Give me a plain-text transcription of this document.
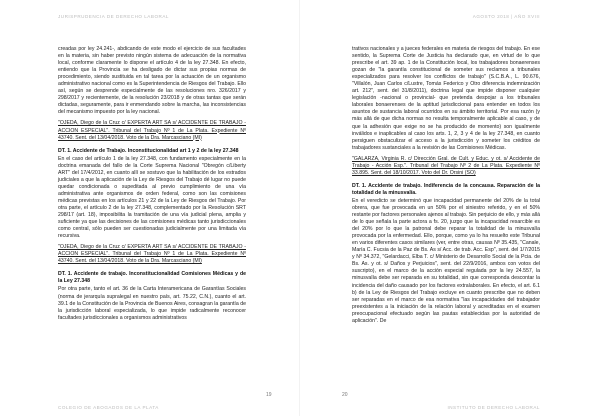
JURISPRUDENCIA DE DERECHO LABORAL

creadas por ley 24.241-, abdicando de este modo el ejercicio de sus facultades en la materia, sin haber previsto ningún sistema de adecuación de la normativa local, conforme claramente lo dispone el artículo 4 de la ley 27.348. En efecto, entiendo que la Provincia se ha desligado de dictar sus propias normas de procedimiento, siendo sustituida en tal tarea por la actuación de un organismo administrativo nacional como es la Superintendencia de Riesgos del Trabajo. Ello así, según se desprende especialmente de las resoluciones nro. 326/2017 y 298/2017 y recientemente, de la resolución 23/2018 y de otras tantas que serán dictadas, seguramente, para ir enmendando sobre la marcha, las inconsistencias del mecanismo impuesto por la ley nacional.

"OJEDA, Diego de la Cruz c/ EXPERTA ART SA s/ ACCIDENTE DE TRABAJO - ACCION ESPECIAL". Tribunal del Trabajo Nº 1 de La Plata. Expediente Nº 43740. Sent. del 13/04/2018. Voto de la Dra. Marcasciano (MI)

DT. 1. Accidente de Trabajo. Inconstitucionalidad art 1 y 2 de la ley 27.348

En el caso del artículo 1 de la ley 27.348, con fundamento especialmente en la doctrina emanada del fallo de la Corte Suprema Nacional "Obregón c/Liberty ART" del 17/4/2012, en cuanto allí se sostuvo que la habilitación de los estrados judiciales a que la aplicación de la Ley de Riesgos del Trabajo dé lugar no puede quedar condicionada o supeditada al previo cumplimiento de una vía administrativa ante organismos de orden federal, como son las comisiones médicas previstas en los artículos 21 y 22 de la Ley de Riesgos del Trabajo. Por otra parte, el artículo 2 de la ley 27.348, complementado por la Resolución SRT 298/17 (art. 18), imposibilita la tramitación de una vía judicial plena, amplia y suficiente ya que las decisiones de las comisiones médicas tanto jurisdiccionales como central, sólo pueden ser cuestionadas judicialmente por una limitada vía recursiva.

"OJEDA, Diego de la Cruz c/ EXPERTA ART SA s/ ACCIDENTE DE TRABAJO - ACCION ESPECIAL". Tribunal del Trabajo Nº 1 de La Plata. Expediente Nº 43740. Sent. del 13/04/2018. Voto de la Dra. Marcasciano (MI)

DT. 1. Accidente de trabajo. Inconstitucionalidad Comisiones Médicas y de la Ley 27.348

Por otra parte, tanto el art. 36 de la Carta Interamericana de Garantías Sociales (norma de jerarquía supralegal en nuestro país, art. 75.22, C.N.), cuanto el art. 39.1 de la Constitución de la Provincia de Buenos Aires, consagran la garantía de la jurisdicción laboral especializada, lo que impide radicalmente reconocer facultades jurisdiccionales a organismos administrativos

19
COLEGIO DE ABOGADOS DE LA PLATA
AGOSTO 2018 | AÑO XVIII

trativos nacionales y a jueces federales en materia de riesgos del trabajo. En ese sentido, la Suprema Corte de Justicia ha declarado que, en virtud de lo que prescribe el art. 39 ap. 1 de la Constitución local, los trabajadores bonaerenses gozan de "la garantía constitucional de someter sus reclamos a tribunales especializados para resolver los conflictos de trabajo" (S.C.B.A., L. 90.676, "Villalón, Juan Carlos c/Lustre, Tomás Federico y Otro diferencia indemnización art. 212", sent. del 31/8/2011), doctrina legal que impide disponer cualquier legislación -nacional o provincial- que pretenda despojar a los tribunales laborales bonaerenses de la aptitud jurisdiccional para entender en todos los asuntos de sustancia laboral ocurridos en su ámbito territorial. Por esa razón (y más allá de que dicha normas no resulta temporalmente aplicable al caso, y de que la adhesión que exige no se ha producido de momento) son igualmente inválidos e inaplicables al caso los arts. 1, 2, 3 y 4 de la ley 27.348, en cuanto persiguen obstaculizar el acceso a la jurisdicción y someter los créditos de trabajadores sustanciales a la revisión de las Comisiones Médicas.

"GALARZA, Virginia R. c/ Dirección Gral. de Cult. y Educ. y ot. s/ Accidente de Trabajo - Acción Esp.". Tribunal del Trabajo Nº 2 de La Plata. Expediente Nº 33.895. Sent. del 18/10/2017. Voto del Dr. Orsini (SO)

DT. 1. Accidente de trabajo. Indiferencia de la concausa. Reparación de la totalidad de la minusvalía.

En el veredicto se determinó que incapacidad permanente del 20% de la total obrera, que fue provocada en un 50% por el siniestro referido, y en el 50% restante por factores personales ajenos al trabajo. Sin perjuicio de ello, y más allá de lo que señala la parte actora a fs. 20, juzgo que la incapacidad resarcible es del 20% por lo que la patronal debe reparar la totalidad de la minusvalía provocada por la enfermedad. Ello, porque, como ya lo ha resuelto este Tribunal en varios diferentes casos similares (ver, entre otras, causas Nº 35.435, "Canale, María C. Fucsia de la Paz de Bs. As s/ Acc. de trab. Acc. Esp", sent. del 1/7/2015 y Nº 34.372, "Gelardacci, Elba T. c/ Ministerio de Desarrollo Social de la Pcia. de Bs. As. y ot. s/ Daños y Perjuicios", sent. del 22/9/2016, ambos con votos del suscripto), en el marco de la acción especial regulada por la ley 24.557, la minusvalía debe ser reparada en su totalidad, sin que corresponda descontar la incidencia del daño causado por los factores extralaborales. En efecto, el art. 6.1 b) de la Ley de Riesgos del Trabajo excluye en cuanto prescribe que no deben ser reparadas en el marco de esa normativa "las incapacidades del trabajador preexistentes a la iniciación de la relación laboral y acreditadas en el examen preocupacional efectuado según las pautas establecidas por la autoridad de aplicación". De

20
INSTITUTO DE DERECHO LABORAL
